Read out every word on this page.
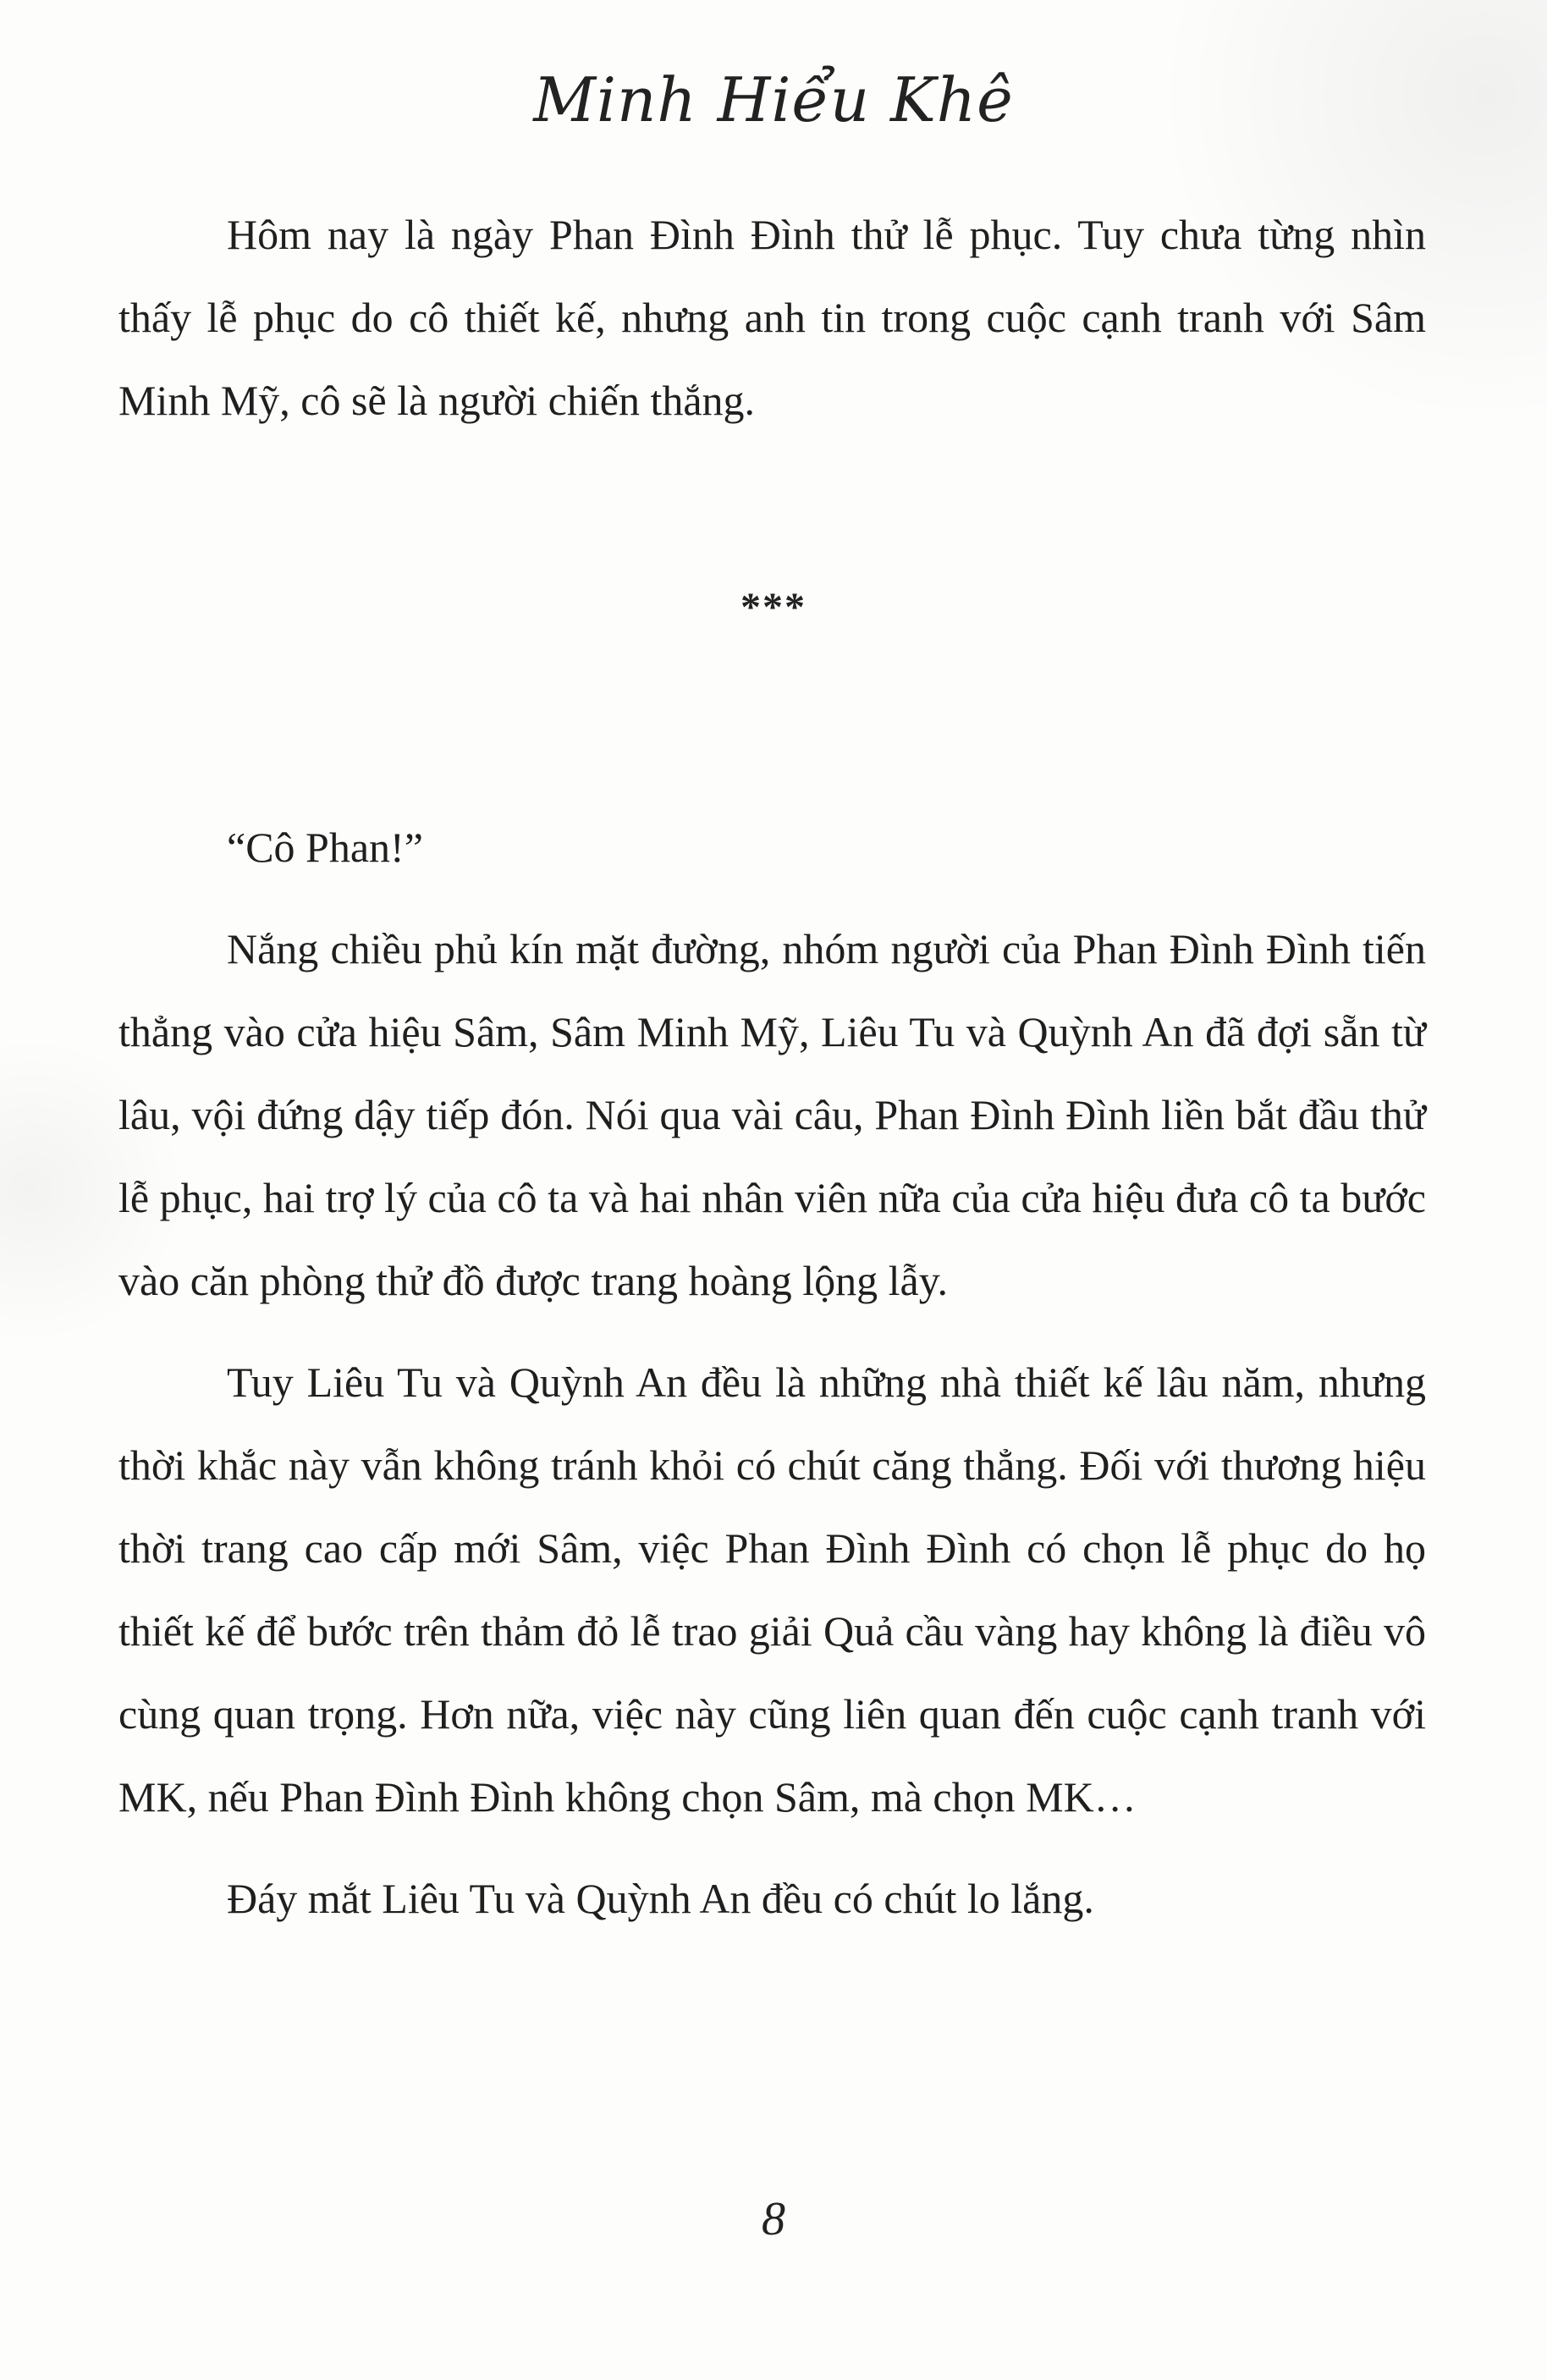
Minh Hiểu Khê

Hôm nay là ngày Phan Đình Đình thử lễ phục. Tuy chưa từng nhìn thấy lễ phục do cô thiết kế, nhưng anh tin trong cuộc cạnh tranh với Sâm Minh Mỹ, cô sẽ là người chiến thắng.

***

“Cô Phan!”

Nắng chiều phủ kín mặt đường, nhóm người của Phan Đình Đình tiến thẳng vào cửa hiệu Sâm, Sâm Minh Mỹ, Liêu Tu và Quỳnh An đã đợi sẵn từ lâu, vội đứng dậy tiếp đón. Nói qua vài câu, Phan Đình Đình liền bắt đầu thử lễ phục, hai trợ lý của cô ta và hai nhân viên nữa của cửa hiệu đưa cô ta bước vào căn phòng thử đồ được trang hoàng lộng lẫy.

Tuy Liêu Tu và Quỳnh An đều là những nhà thiết kế lâu năm, nhưng thời khắc này vẫn không tránh khỏi có chút căng thẳng. Đối với thương hiệu thời trang cao cấp mới Sâm, việc Phan Đình Đình có chọn lễ phục do họ thiết kế để bước trên thảm đỏ lễ trao giải Quả cầu vàng hay không là điều vô cùng quan trọng. Hơn nữa, việc này cũng liên quan đến cuộc cạnh tranh với MK, nếu Phan Đình Đình không chọn Sâm, mà chọn MK…

Đáy mắt Liêu Tu và Quỳnh An đều có chút lo lắng.

8
